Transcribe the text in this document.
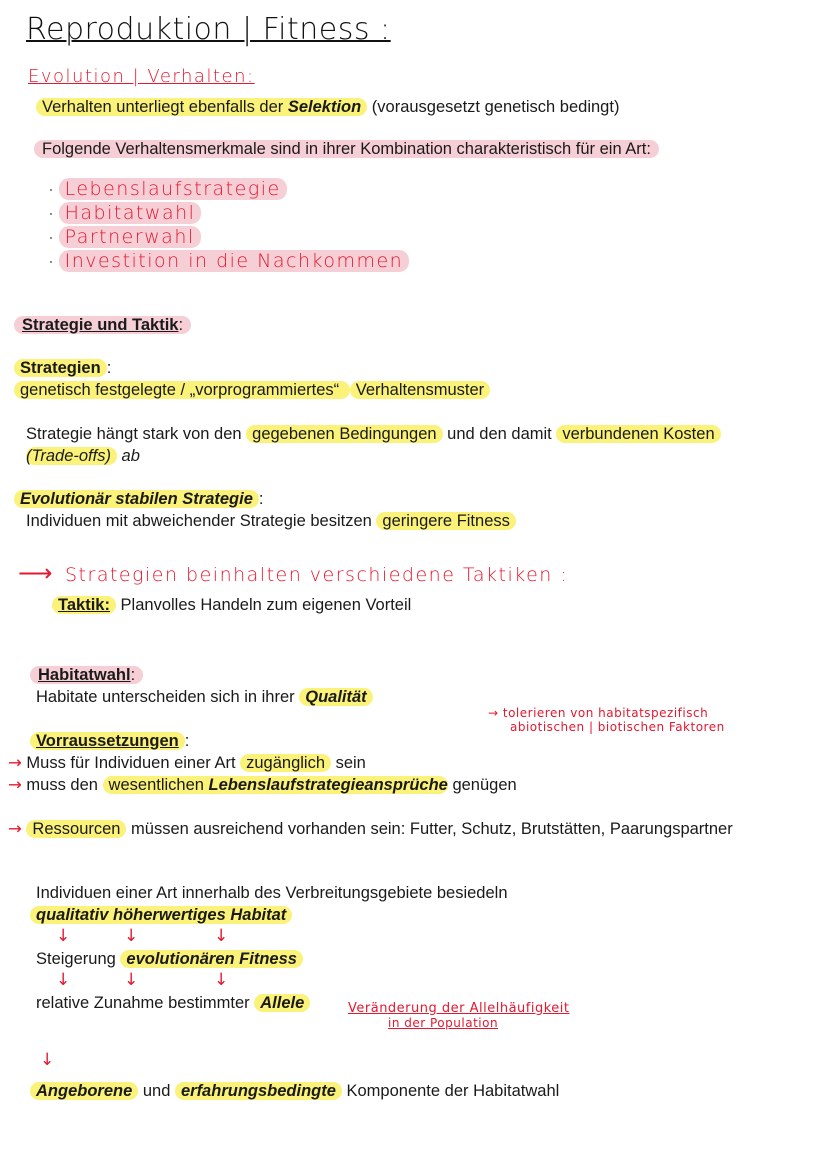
Reproduktion | Fitness :
Evolution | Verhalten:
Verhalten unterliegt ebenfalls der Selektion (vorausgesetzt genetisch bedingt)
Folgende Verhaltensmerkmale sind in ihrer Kombination charakteristisch für ein Art:
· Lebenslaufstrategie
· Habitatwahl
· Partnerwahl
· Investition in die Nachkommen
Strategie und Taktik:
Strategien :
genetisch festgelegte / „vorprogrammiertes“ Verhaltensmuster
Strategie hängt stark von den gegebenen Bedingungen und den damit verbundenen Kosten
(Trade-offs) ab
Evolutionär stabilen Strategie :
Individuen mit abweichender Strategie besitzen geringere Fitness
⟶ Strategien beinhalten verschiedene Taktiken :
Taktik: Planvolles Handeln zum eigenen Vorteil
Habitatwahl:
Habitate unterscheiden sich in ihrer Qualität
→ tolerieren von habitatspezifisch
abiotischen | biotischen Faktoren
Vorraussetzungen :
→ Muss für Individuen einer Art zugänglich sein
→ muss den wesentlichen Lebenslaufstrategieansprüche genügen
→ Ressourcen müssen ausreichend vorhanden sein: Futter, Schutz, Brutstätten, Paarungspartner
Individuen einer Art innerhalb des Verbreitungsgebiete besiedeln
qualitativ höherwertiges Habitat
↓	↓	↓
Steigerung evolutionären Fitness
↓	↓	↓
relative Zunahme bestimmter Allele	Veränderung der Allelhäufigkeit
in der Population
↓
Angeborene und erfahrungsbedingte Komponente der Habitatwahl
